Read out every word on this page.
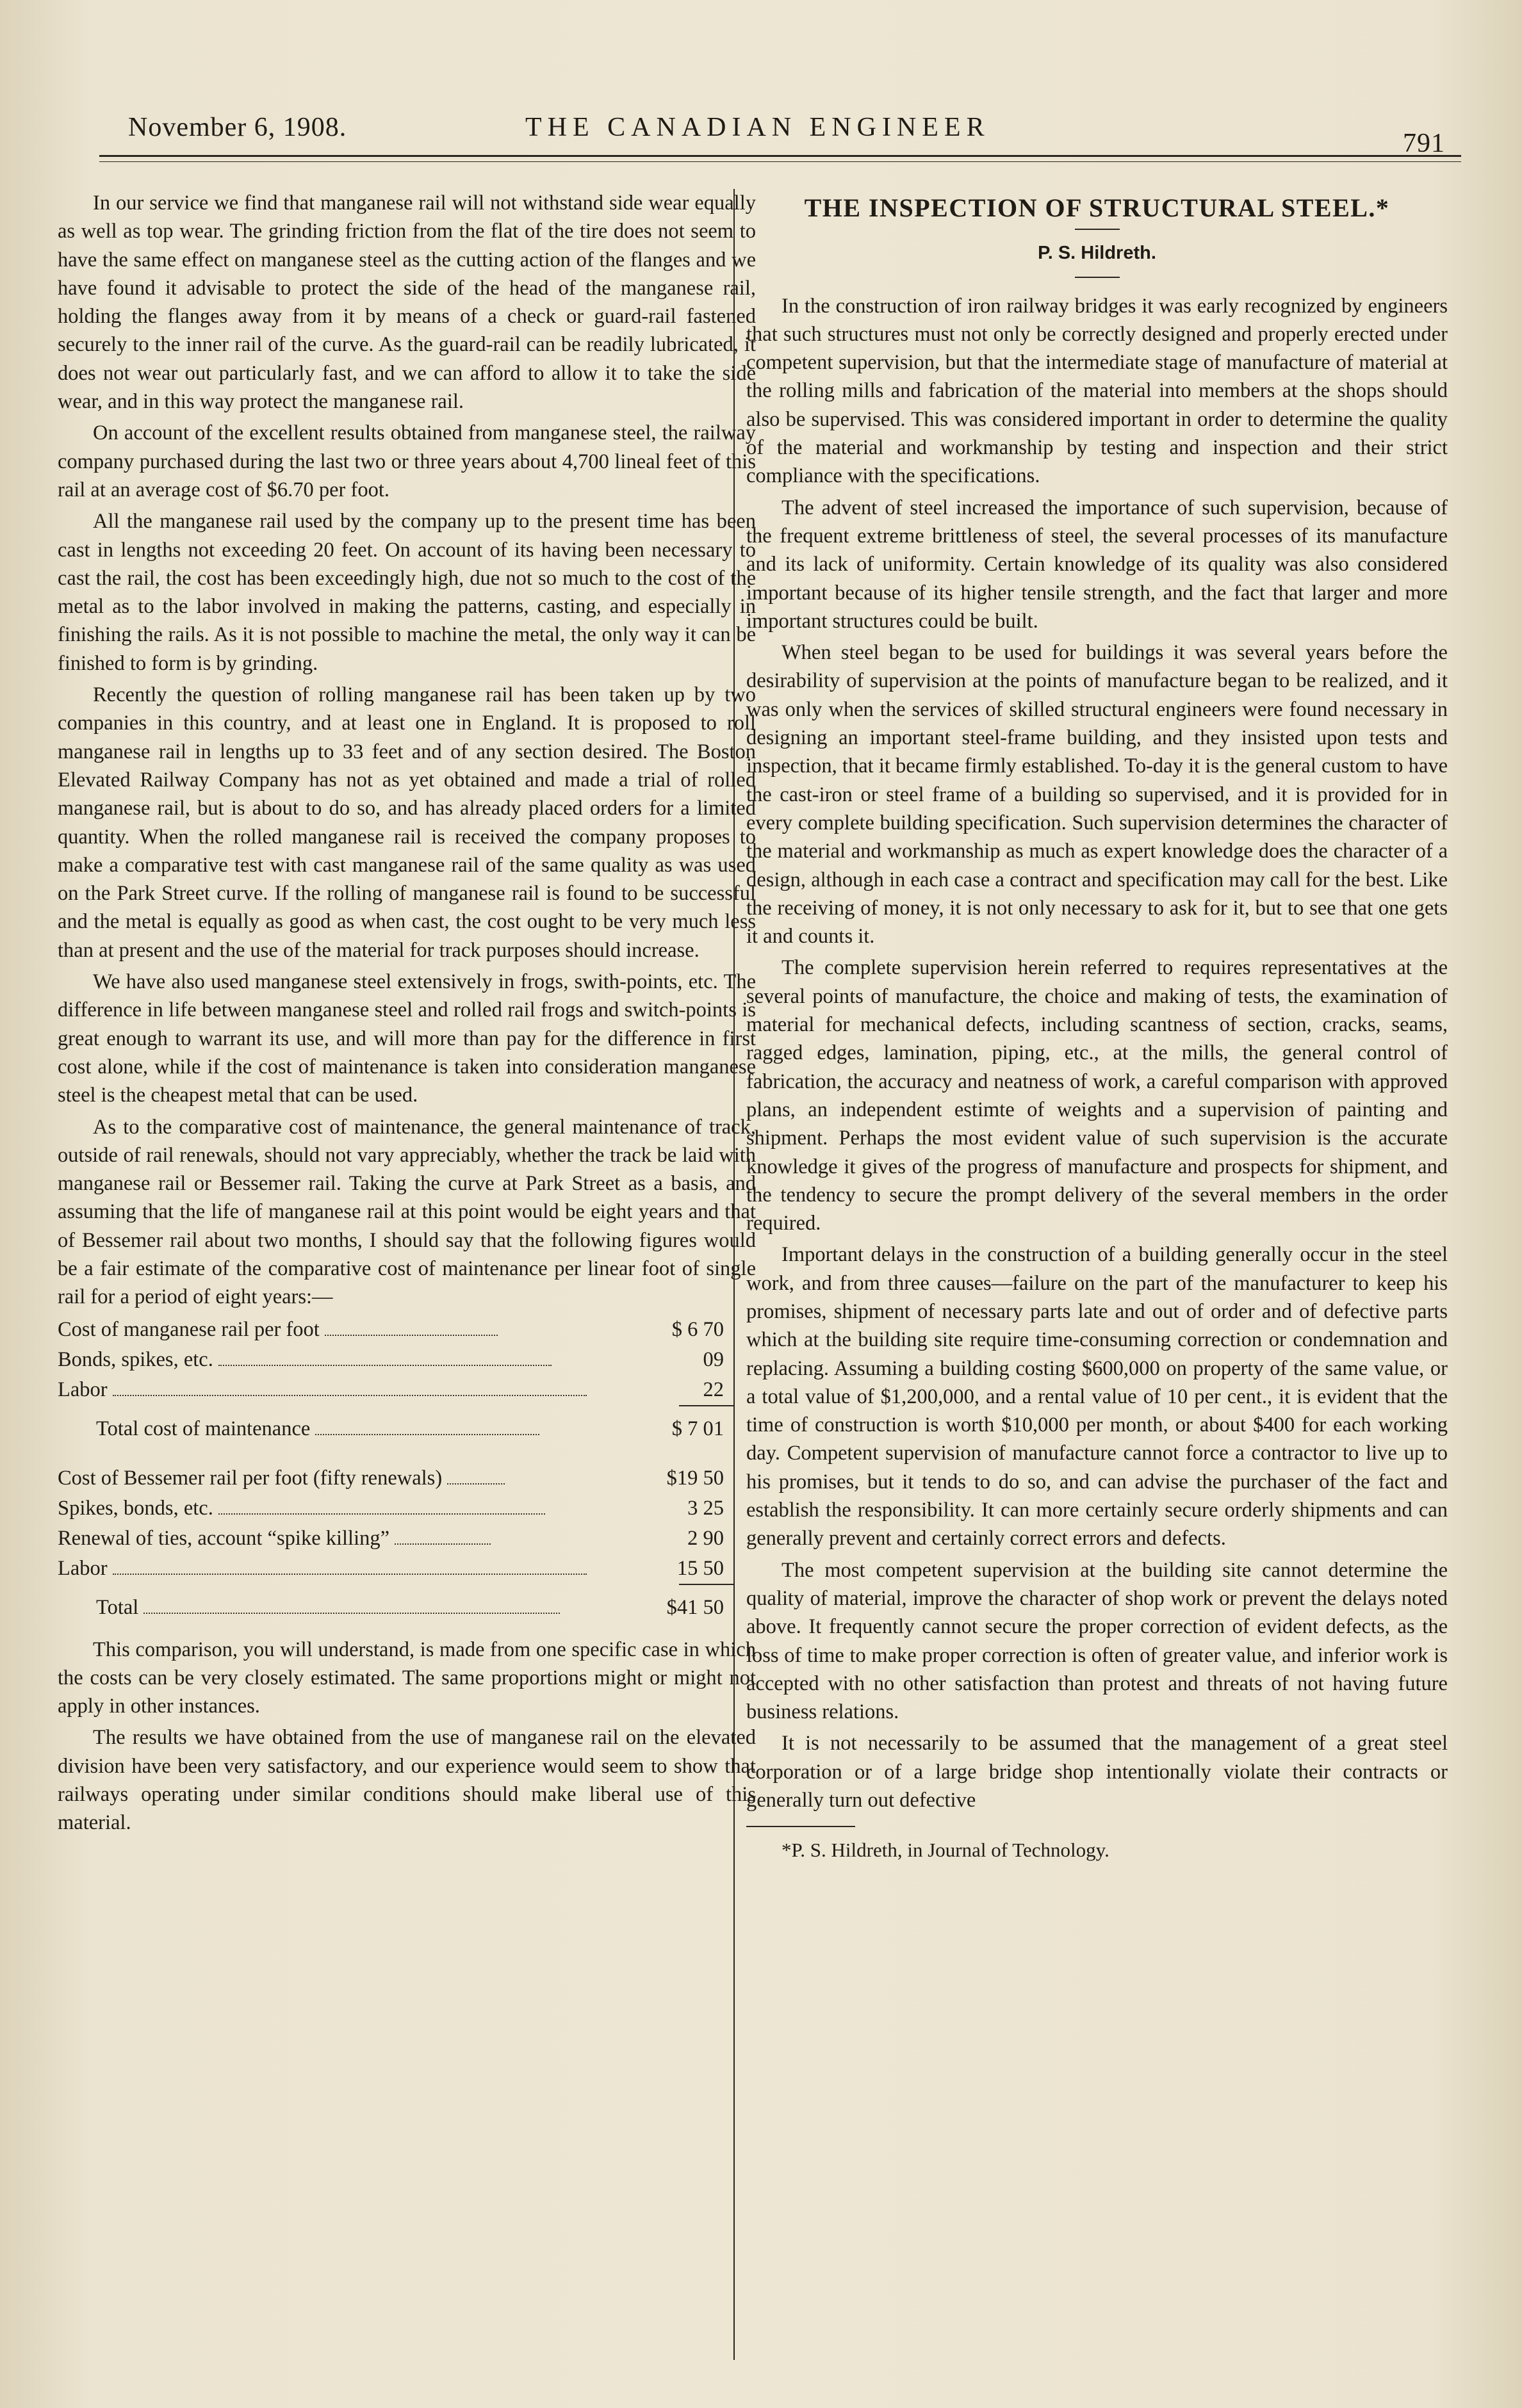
November 6, 1908.	THE CANADIAN ENGINEER
791

In our service we find that manganese rail will not withstand side wear equally as well as top wear. The grinding friction from the flat of the tire does not seem to have the same effect on manganese steel as the cutting action of the flanges and we have found it advisable to protect the side of the head of the manganese rail, holding the flanges away from it by means of a check or guard-rail fastened securely to the inner rail of the curve. As the guard-rail can be readily lubricated, it does not wear out particularly fast, and we can afford to allow it to take the side wear, and in this way protect the manganese rail.

On account of the excellent results obtained from manganese steel, the railway company purchased during the last two or three years about 4,700 lineal feet of this rail at an average cost of $6.70 per foot.

All the manganese rail used by the company up to the present time has been cast in lengths not exceeding 20 feet. On account of its having been necessary to cast the rail, the cost has been exceedingly high, due not so much to the cost of the metal as to the labor involved in making the patterns, casting, and especially in finishing the rails. As it is not possible to machine the metal, the only way it can be finished to form is by grinding.

Recently the question of rolling manganese rail has been taken up by two companies in this country, and at least one in England. It is proposed to roll manganese rail in lengths up to 33 feet and of any section desired. The Boston Elevated Railway Company has not as yet obtained and made a trial of rolled manganese rail, but is about to do so, and has already placed orders for a limited quantity. When the rolled manganese rail is received the company proposes to make a comparative test with cast manganese rail of the same quality as was used on the Park Street curve. If the rolling of manganese rail is found to be successful and the metal is equally as good as when cast, the cost ought to be very much less than at present and the use of the material for track purposes should increase.

We have also used manganese steel extensively in frogs, swith-points, etc. The difference in life between manganese steel and rolled rail frogs and switch-points is great enough to warrant its use, and will more than pay for the difference in first cost alone, while if the cost of maintenance is taken into consideration manganese steel is the cheapest metal that can be used.

As to the comparative cost of maintenance, the general maintenance of track, outside of rail renewals, should not vary appreciably, whether the track be laid with manganese rail or Bessemer rail. Taking the curve at Park Street as a basis, and assuming that the life of manganese rail at this point would be eight years and that of Bessemer rail about two months, I should say that the following figures would be a fair estimate of the comparative cost of maintenance per linear foot of single rail for a period of eight years:—

Cost of manganese rail per foot	$ 6 70
Bonds, spikes, etc.	09
Labor	22
Total cost of maintenance	$ 7 01
Cost of Bessemer rail per foot (fifty renewals)	$19 50
Spikes, bonds, etc.	3 25
Renewal of ties, account “spike killing”	2 90
Labor	15 50
Total	$41 50

This comparison, you will understand, is made from one specific case in which the costs can be very closely estimated. The same proportions might or might not apply in other instances.

The results we have obtained from the use of manganese rail on the elevated division have been very satisfactory, and our experience would seem to show that railways operating under similar conditions should make liberal use of this material.

THE INSPECTION OF STRUCTURAL STEEL.*
P. S. Hildreth.

In the construction of iron railway bridges it was early recognized by engineers that such structures must not only be correctly designed and properly erected under competent supervision, but that the intermediate stage of manufacture of material at the rolling mills and fabrication of the material into members at the shops should also be supervised. This was considered important in order to determine the quality of the material and workmanship by testing and inspection and their strict compliance with the specifications.

The advent of steel increased the importance of such supervision, because of the frequent extreme brittleness of steel, the several processes of its manufacture and its lack of uniformity. Certain knowledge of its quality was also considered important because of its higher tensile strength, and the fact that larger and more important structures could be built.

When steel began to be used for buildings it was several years before the desirability of supervision at the points of manufacture began to be realized, and it was only when the services of skilled structural engineers were found necessary in designing an important steel-frame building, and they insisted upon tests and inspection, that it became firmly established. To-day it is the general custom to have the cast-iron or steel frame of a building so supervised, and it is provided for in every complete building specification. Such supervision determines the character of the material and workmanship as much as expert knowledge does the character of a design, although in each case a contract and specification may call for the best. Like the receiving of money, it is not only necessary to ask for it, but to see that one gets it and counts it.

The complete supervision herein referred to requires representatives at the several points of manufacture, the choice and making of tests, the examination of material for mechanical defects, including scantness of section, cracks, seams, ragged edges, lamination, piping, etc., at the mills, the general control of fabrication, the accuracy and neatness of work, a careful comparison with approved plans, an independent estimte of weights and a supervision of painting and shipment. Perhaps the most evident value of such supervision is the accurate knowledge it gives of the progress of manufacture and prospects for shipment, and the tendency to secure the prompt delivery of the several members in the order required.

Important delays in the construction of a building generally occur in the steel work, and from three causes—failure on the part of the manufacturer to keep his promises, shipment of necessary parts late and out of order and of defective parts which at the building site require time-consuming correction or condemnation and replacing. Assuming a building costing $600,000 on property of the same value, or a total value of $1,200,000, and a rental value of 10 per cent., it is evident that the time of construction is worth $10,000 per month, or about $400 for each working day. Competent supervision of manufacture cannot force a contractor to live up to his promises, but it tends to do so, and can advise the purchaser of the fact and establish the responsibility. It can more certainly secure orderly shipments and can generally prevent and certainly correct errors and defects.

The most competent supervision at the building site cannot determine the quality of material, improve the character of shop work or prevent the delays noted above. It frequently cannot secure the proper correction of evident defects, as the loss of time to make proper correction is often of greater value, and inferior work is accepted with no other satisfaction than protest and threats of not having future business relations.

It is not necessarily to be assumed that the management of a great steel corporation or of a large bridge shop intentionally violate their contracts or generally turn out defective

*P. S. Hildreth, in Journal of Technology.
